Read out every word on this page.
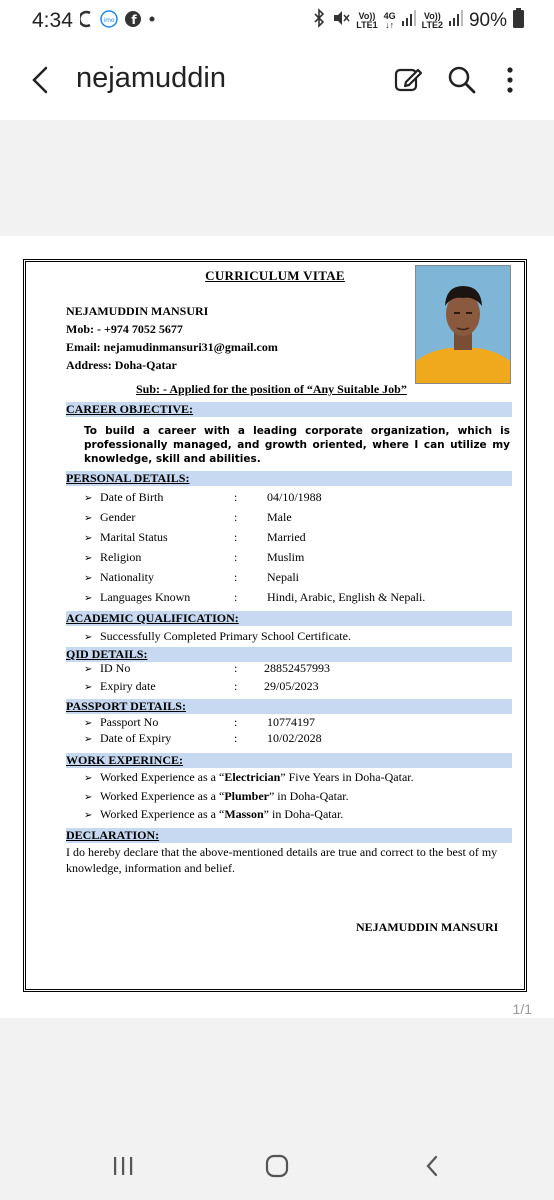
4:34	imo f	Vo))
LTE1
4G
↓↑
Vo))
LTE2 90%
nejamuddin
CURRICULUM VITAE
NEJAMUDDIN MANSURI
Mob: - +974 7052 5677
Email: nejamudinmansuri31@gmail.com
Address: Doha-Qatar
Sub: - Applied for the position of “Any Suitable Job”
CAREER OBJECTIVE:
To build a career with a leading corporate organization, which is professionally managed, and growth oriented, where I can utilize my knowledge, skill and abilities.
PERSONAL DETAILS:
➢ Date of Birth	: 04/10/1988
➢ Gender	: Male
➢ Marital Status	: Married
➢ Religion	: Muslim
➢ Nationality	: Nepali
➢ Languages Known	: Hindi, Arabic, English & Nepali.
ACADEMIC QUALIFICATION:
➢ Successfully Completed Primary School Certificate.
QID DETAILS:
➢ ID No	: 28852457993
➢ Expiry date	: 29/05/2023
PASSPORT DETAILS:
➢ Passport No	: 10774197
➢ Date of Expiry	: 10/02/2028
WORK EXPERINCE:
➢ Worked Experience as a “Electrician” Five Years in Doha-Qatar.
➢ Worked Experience as a “Plumber” in Doha-Qatar.
➢ Worked Experience as a “Masson” in Doha-Qatar.
DECLARATION:
I do hereby declare that the above-mentioned details are true and correct to the best of my knowledge, information and belief.
NEJAMUDDIN MANSURI
1/1
